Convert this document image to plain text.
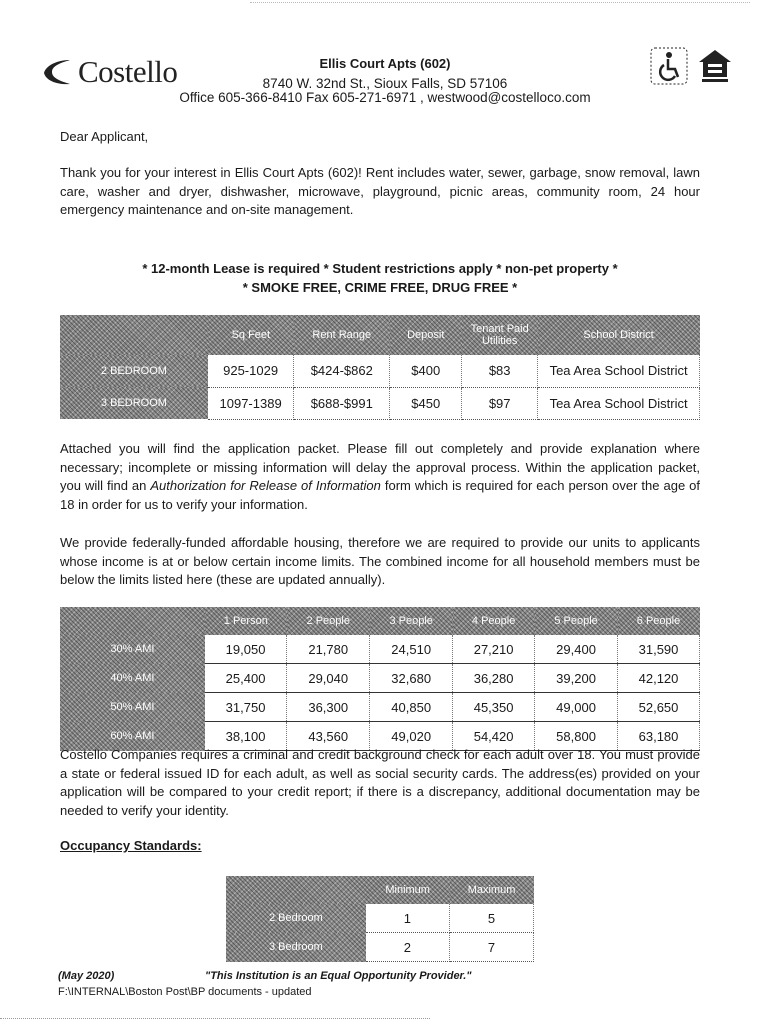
Costello	Ellis Court Apts (602)
8740 W. 32nd St., Sioux Falls, SD 57106
Office 605-366-8410 Fax 605-271-6971 , westwood@costelloco.com
Dear Applicant,
Thank you for your interest in Ellis Court Apts (602)! Rent includes water, sewer, garbage, snow removal, lawn care, washer and dryer, dishwasher, microwave, playground, picnic areas, community room, 24 hour emergency maintenance and on-site management.
* 12-month Lease is required * Student restrictions apply * non-pet property *
* SMOKE FREE, CRIME FREE, DRUG FREE *
	Sq Feet	Rent Range	Deposit	Tenant Paid Utilities	School District
2 BEDROOM	925-1029	$424-$862	$400	$83	Tea Area School District
3 BEDROOM	1097-1389	$688-$991	$450	$97	Tea Area School District
Attached you will find the application packet. Please fill out completely and provide explanation where necessary; incomplete or missing information will delay the approval process. Within the application packet, you will find an Authorization for Release of Information form which is required for each person over the age of 18 in order for us to verify your information.
We provide federally-funded affordable housing, therefore we are required to provide our units to applicants whose income is at or below certain income limits. The combined income for all household members must be below the limits listed here (these are updated annually).
	1 Person	2 People	3 People	4 People	5 People	6 People
30% AMI	19,050	21,780	24,510	27,210	29,400	31,590
40% AMI	25,400	29,040	32,680	36,280	39,200	42,120
50% AMI	31,750	36,300	40,850	45,350	49,000	52,650
60% AMI	38,100	43,560	49,020	54,420	58,800	63,180
Costello Companies requires a criminal and credit background check for each adult over 18. You must provide a state or federal issued ID for each adult, as well as social security cards. The address(es) provided on your application will be compared to your credit report; if there is a discrepancy, additional documentation may be needed to verify your identity.
Occupancy Standards:
	Minimum	Maximum
2 Bedroom	1	5
3 Bedroom	2	7
(May 2020)	"This Institution is an Equal Opportunity Provider."
F:\INTERNAL\Boston Post\BP documents - updated
